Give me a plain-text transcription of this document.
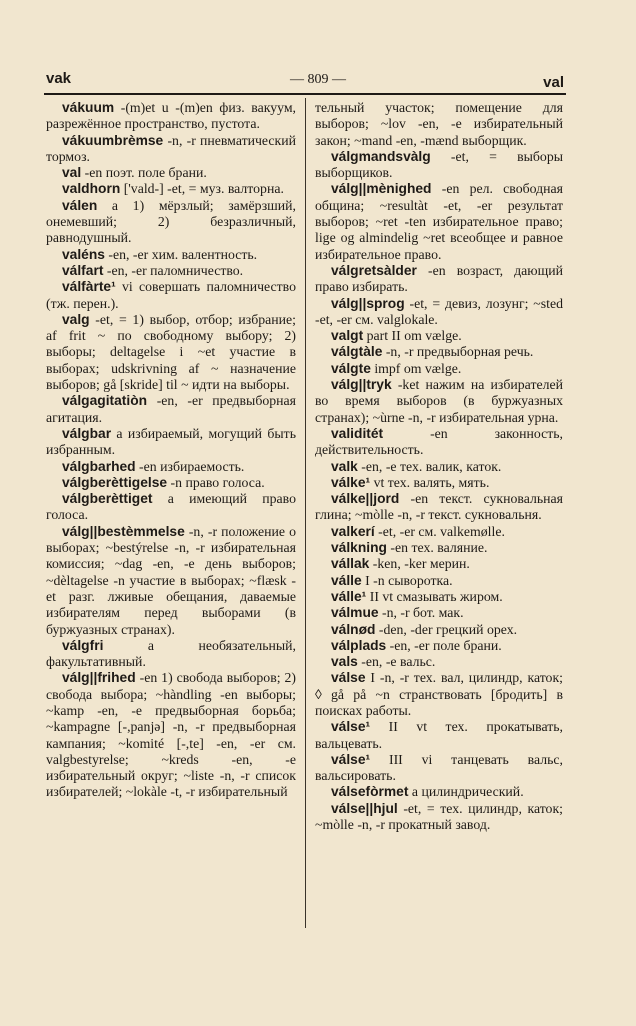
vak	— 809 —	val
vákuum -(m)et u -(m)en физ. вакуум, разрежённое пространство, пустота.
vákuumbrèmse -n, -r пневматический тормоз.
val -en поэт. поле брани.
valdhorn ['vald-] -et, = муз. валторна.
válen a 1) мёрзлый; замёрзший, онемевший; 2) безразличный, равнодушный.
valéns -en, -er хим. валентность.
válfart -en, -er паломничество.
válfàrte¹ vi совершать паломничество (тж. перен.).
valg -et, = 1) выбор, отбор; избрание; af frit ~ по свободному выбору; 2) выборы; deltagelse i ~et участие в выборах; udskrivning af ~ назначение выборов; gå [skride] til ~ идти на выборы.
válgagitatiòn -en, -er предвыборная агитация.
válgbar a избираемый, могущий быть избранным.
válgbarhed -en избираемость.
válgberèttigelse -n право голоса.
válgberèttiget a имеющий право голоса.
válg||bestèmmelse -n, -r положение о выборах; ~bestýrelse -n, -r избирательная комиссия; ~dag -en, -e день выборов; ~dèltagelse -n участие в выборах; ~flæsk -et разг. лживые обещания, даваемые избирателям перед выборами (в буржуазных странах).
válgfri a необязательный, факультативный.
válg||frihed -en 1) свобода выборов; 2) свобода выбора; ~hàndling -en выборы; ~kamp -en, -e предвыборная борьба; ~kampagne [-,panjə] -n, -r предвыборная кампания; ~komité [-,te] -en, -er см. valgbestyrelse; ~kreds -en, -e избирательный округ; ~liste -n, -r список избирателей; ~lokàle -t, -r избирательный
тельный участок; помещение для выборов; ~lov -en, -e избирательный закон; ~mand -en, -mænd выборщик.
válgmandsvàlg -et, = выборы выборщиков.
válg||mènighed -en рел. свободная община; ~resultàt -et, -er результат выборов; ~ret -ten избирательное право; lige og almindelig ~ret всеобщее и равное избирательное право.
válgretsàlder -en возраст, дающий право избирать.
válg||sprog -et, = девиз, лозунг; ~sted -et, -er см. valglokale.
valgt part II om vælge.
válgtàle -n, -r предвыборная речь.
válgte impf om vælge.
válg||tryk -ket нажим на избирателей во время выборов (в буржуазных странах); ~ùrne -n, -r избирательная урна.
validitét -en законность, действительность.
valk -en, -e тех. валик, каток.
válke¹ vt тех. валять, мять.
válke||jord -en текст. сукновальная глина; ~mòlle -n, -r текст. сукновальня.
valkerí -et, -er см. valkemølle.
válkning -en тех. валяние.
vállak -ken, -ker мерин.
válle I -n сыворотка.
válle¹ II vt смазывать жиром.
válmue -n, -r бот. мак.
válnød -den, -der грецкий орех.
válplads -en, -er поле брани.
vals -en, -e вальс.
válse I -n, -r тех. вал, цилиндр, каток; ◊ gå på ~n странствовать [бродить] в поисках работы.
válse¹ II vt тех. прокатывать, вальцевать.
válse¹ III vi танцевать вальс, вальсировать.
válsefòrmet a цилиндрический.
válse||hjul -et, = тех. цилиндр, каток; ~mòlle -n, -r прокатный завод.
